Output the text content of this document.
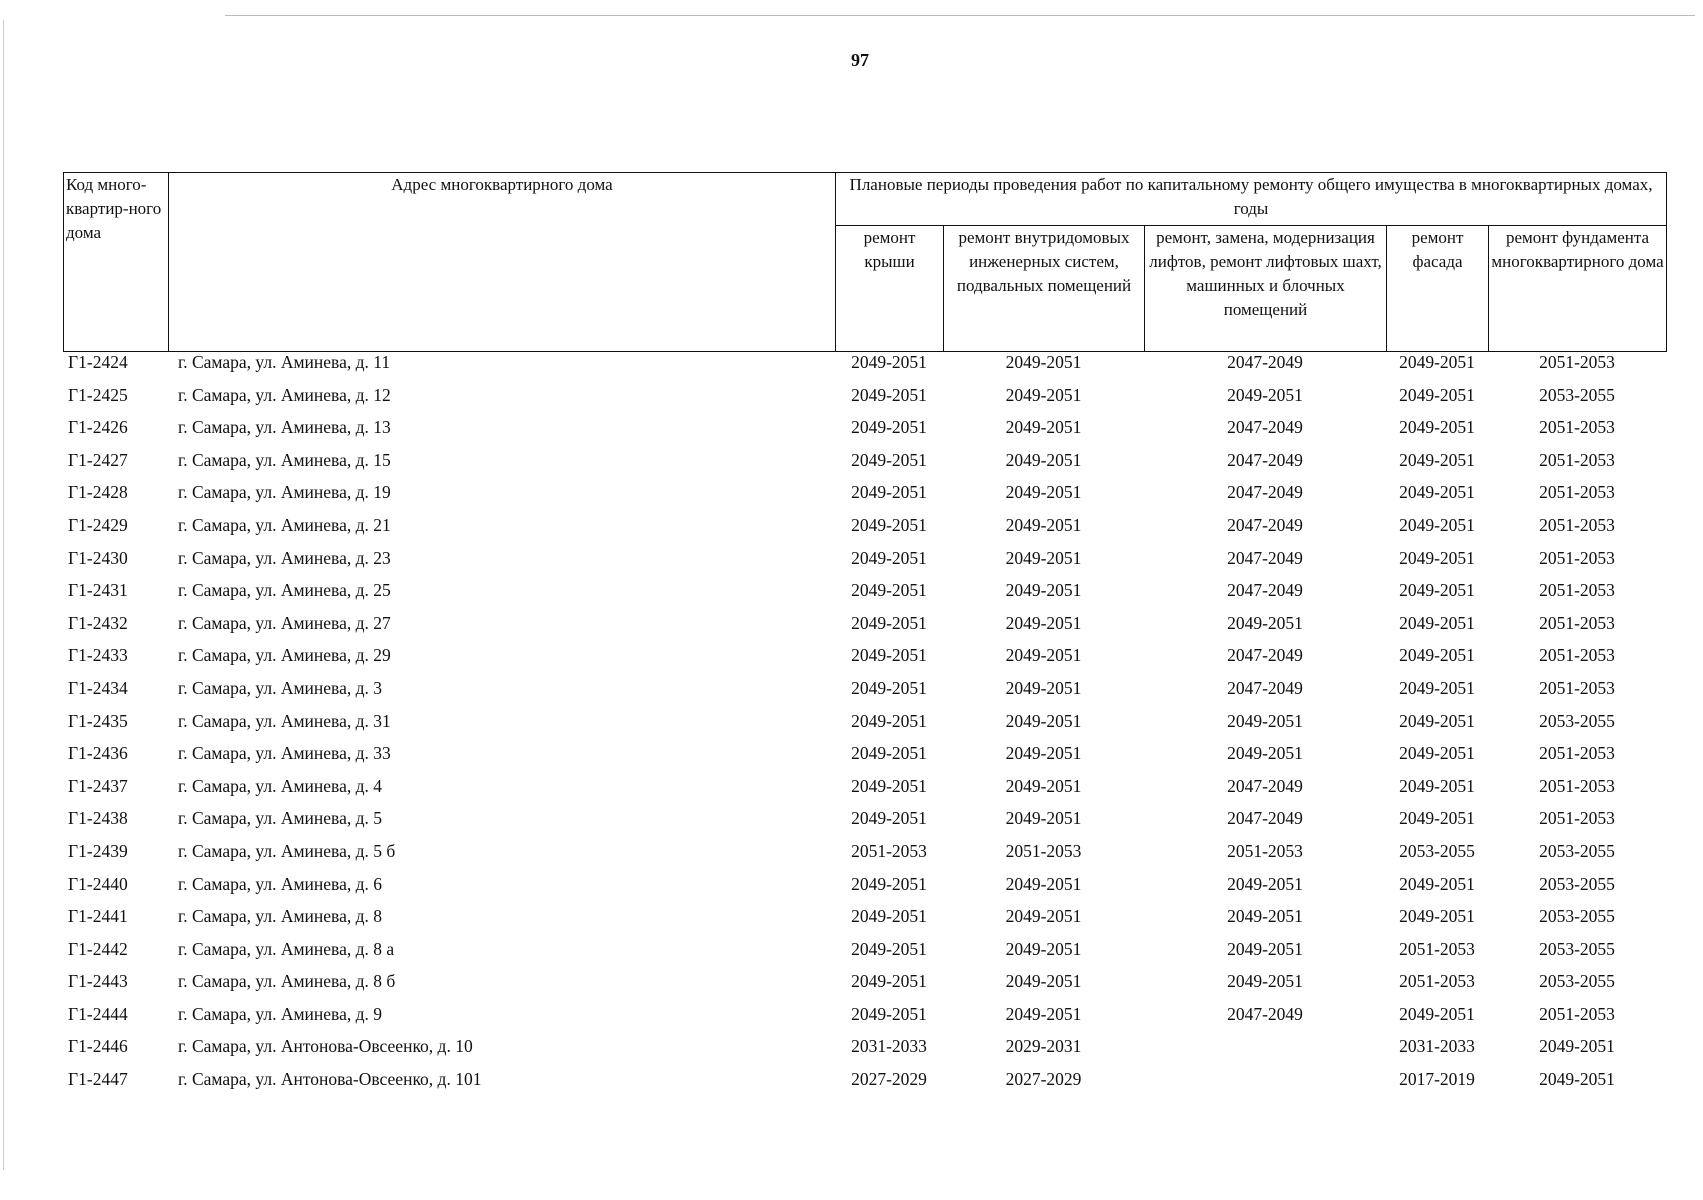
97
Код много-квартир-ного дома	Адрес многоквартирного дома	Плановые периоды проведения работ по капитальному ремонту общего имущества в многоквартирных домах, годы				
		ремонт крыши	ремонт внутридомовых инженерных систем, подвальных помещений	ремонт, замена, модернизация лифтов, ремонт лифтовых шахт, машинных и блочных помещений	ремонт фасада	ремонт фундамента многоквартирного дома
Г1-2424	г. Самара, ул. Аминева, д. 11	2049-2051	2049-2051	2047-2049	2049-2051	2051-2053
Г1-2425	г. Самара, ул. Аминева, д. 12	2049-2051	2049-2051	2049-2051	2049-2051	2053-2055
Г1-2426	г. Самара, ул. Аминева, д. 13	2049-2051	2049-2051	2047-2049	2049-2051	2051-2053
Г1-2427	г. Самара, ул. Аминева, д. 15	2049-2051	2049-2051	2047-2049	2049-2051	2051-2053
Г1-2428	г. Самара, ул. Аминева, д. 19	2049-2051	2049-2051	2047-2049	2049-2051	2051-2053
Г1-2429	г. Самара, ул. Аминева, д. 21	2049-2051	2049-2051	2047-2049	2049-2051	2051-2053
Г1-2430	г. Самара, ул. Аминева, д. 23	2049-2051	2049-2051	2047-2049	2049-2051	2051-2053
Г1-2431	г. Самара, ул. Аминева, д. 25	2049-2051	2049-2051	2047-2049	2049-2051	2051-2053
Г1-2432	г. Самара, ул. Аминева, д. 27	2049-2051	2049-2051	2049-2051	2049-2051	2051-2053
Г1-2433	г. Самара, ул. Аминева, д. 29	2049-2051	2049-2051	2047-2049	2049-2051	2051-2053
Г1-2434	г. Самара, ул. Аминева, д. 3	2049-2051	2049-2051	2047-2049	2049-2051	2051-2053
Г1-2435	г. Самара, ул. Аминева, д. 31	2049-2051	2049-2051	2049-2051	2049-2051	2053-2055
Г1-2436	г. Самара, ул. Аминева, д. 33	2049-2051	2049-2051	2049-2051	2049-2051	2051-2053
Г1-2437	г. Самара, ул. Аминева, д. 4	2049-2051	2049-2051	2047-2049	2049-2051	2051-2053
Г1-2438	г. Самара, ул. Аминева, д. 5	2049-2051	2049-2051	2047-2049	2049-2051	2051-2053
Г1-2439	г. Самара, ул. Аминева, д. 5 б	2051-2053	2051-2053	2051-2053	2053-2055	2053-2055
Г1-2440	г. Самара, ул. Аминева, д. 6	2049-2051	2049-2051	2049-2051	2049-2051	2053-2055
Г1-2441	г. Самара, ул. Аминева, д. 8	2049-2051	2049-2051	2049-2051	2049-2051	2053-2055
Г1-2442	г. Самара, ул. Аминева, д. 8 а	2049-2051	2049-2051	2049-2051	2051-2053	2053-2055
Г1-2443	г. Самара, ул. Аминева, д. 8 б	2049-2051	2049-2051	2049-2051	2051-2053	2053-2055
Г1-2444	г. Самара, ул. Аминева, д. 9	2049-2051	2049-2051	2047-2049	2049-2051	2051-2053
Г1-2446	г. Самара, ул. Антонова-Овсеенко, д. 10	2031-2033	2029-2031		2031-2033	2049-2051
Г1-2447	г. Самара, ул. Антонова-Овсеенко, д. 101	2027-2029	2027-2029		2017-2019	2049-2051
